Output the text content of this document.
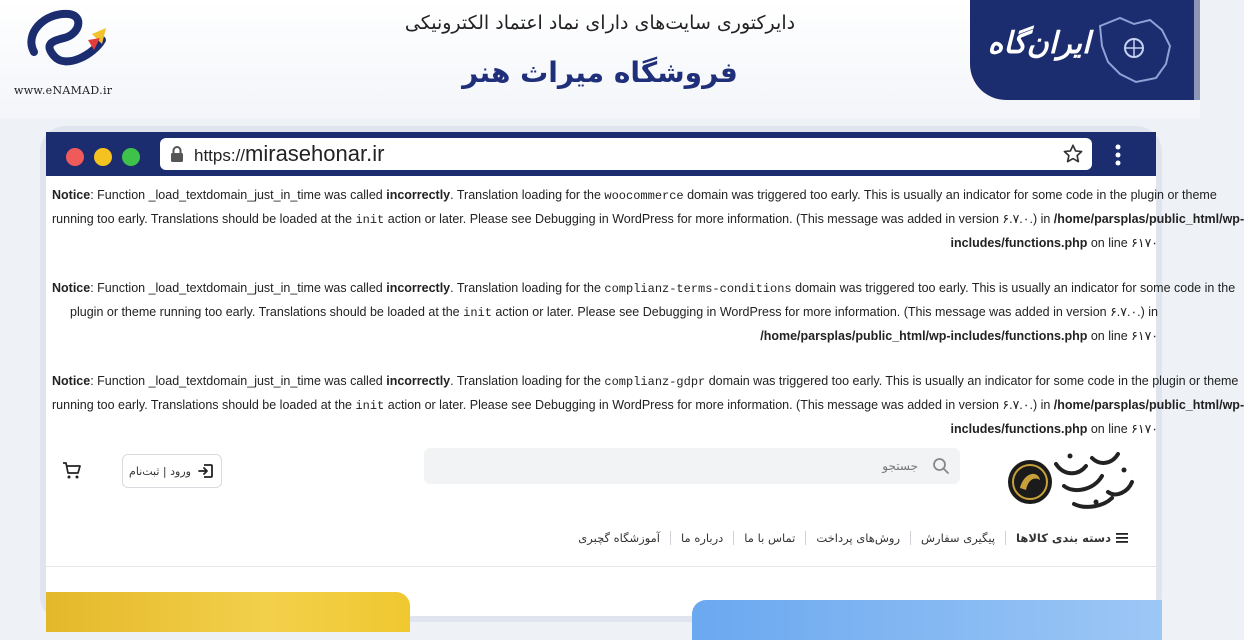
www.eNAMAD.ir
دایرکتوری سایت‌های دارای نماد اعتماد الکترونیکی
فروشگاه میراث هنر
ایران‌گاه
https://mirasehonar.ir
Notice: Function _load_textdomain_just_in_time was called incorrectly. Translation loading for the woocommerce domain was triggered too early. This is usually an indicator for some code in the plugin or theme
running too early. Translations should be loaded at the init action or later. Please see Debugging in WordPress for more information. (This message was added in version ۶.۷.۰.) in /home/parsplas/public_html/wp-
includes/functions.php on line ۶۱۷۰
Notice: Function _load_textdomain_just_in_time was called incorrectly. Translation loading for the complianz-terms-conditions domain was triggered too early. This is usually an indicator for some code in the
plugin or theme running too early. Translations should be loaded at the init action or later. Please see Debugging in WordPress for more information. (This message was added in version ۶.۷.۰.) in
/home/parsplas/public_html/wp-includes/functions.php on line ۶۱۷۰
Notice: Function _load_textdomain_just_in_time was called incorrectly. Translation loading for the complianz-gdpr domain was triggered too early. This is usually an indicator for some code in the plugin or theme
running too early. Translations should be loaded at the init action or later. Please see Debugging in WordPress for more information. (This message was added in version ۶.۷.۰.) in /home/parsplas/public_html/wp-
includes/functions.php on line ۶۱۷۰
جستجو
ورود | ثبت‌نام
دسته بندی کالاها
پیگیری سفارش
روش‌های پرداخت
تماس با ما
درباره ما
آموزشگاه گچبری
